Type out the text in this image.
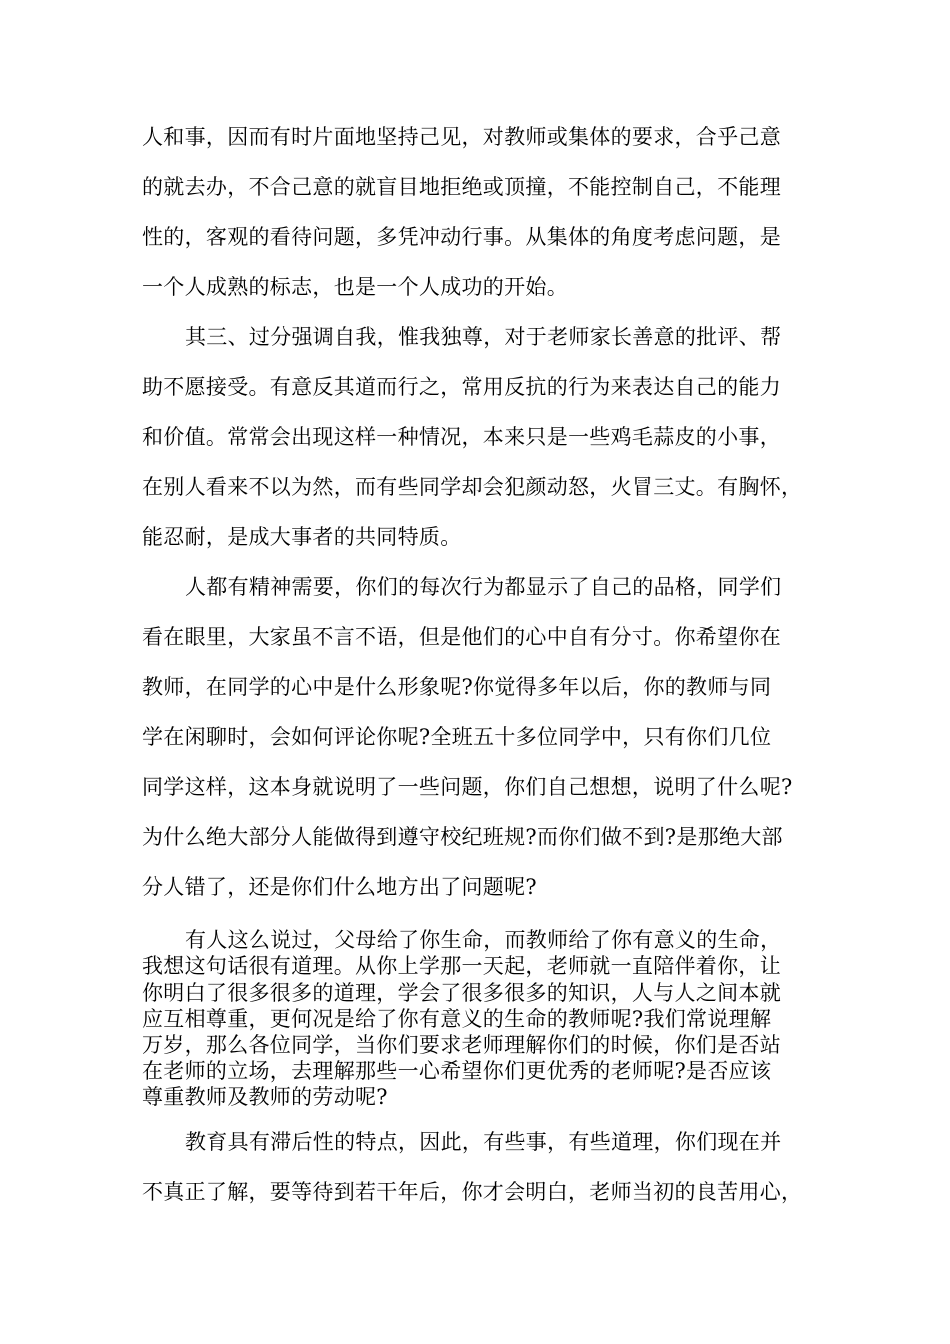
人和事，因而有时片面地坚持己见，对教师或集体的要求，合乎己意

的就去办，不合己意的就盲目地拒绝或顶撞，不能控制自己，不能理

性的，客观的看待问题，多凭冲动行事。从集体的角度考虑问题，是

一个人成熟的标志，也是一个人成功的开始。

其三、过分强调自我，惟我独尊，对于老师家长善意的批评、帮

助不愿接受。有意反其道而行之，常用反抗的行为来表达自己的能力

和价值。常常会出现这样一种情况，本来只是一些鸡毛蒜皮的小事，

在别人看来不以为然，而有些同学却会犯颜动怒，火冒三丈。有胸怀，

能忍耐，是成大事者的共同特质。

人都有精神需要，你们的每次行为都显示了自己的品格，同学们

看在眼里，大家虽不言不语，但是他们的心中自有分寸。你希望你在

教师，在同学的心中是什么形象呢?你觉得多年以后，你的教师与同

学在闲聊时，会如何评论你呢?全班五十多位同学中，只有你们几位

同学这样，这本身就说明了一些问题，你们自己想想，说明了什么呢?

为什么绝大部分人能做得到遵守校纪班规?而你们做不到?是那绝大部

分人错了，还是你们什么地方出了问题呢?

有人这么说过，父母给了你生命，而教师给了你有意义的生命，

我想这句话很有道理。从你上学那一天起，老师就一直陪伴着你，让

你明白了很多很多的道理，学会了很多很多的知识，人与人之间本就

应互相尊重，更何况是给了你有意义的生命的教师呢?我们常说理解

万岁，那么各位同学，当你们要求老师理解你们的时候，你们是否站

在老师的立场，去理解那些一心希望你们更优秀的老师呢?是否应该

尊重教师及教师的劳动呢?

教育具有滞后性的特点，因此，有些事，有些道理，你们现在并

不真正了解，要等待到若干年后，你才会明白，老师当初的良苦用心，
